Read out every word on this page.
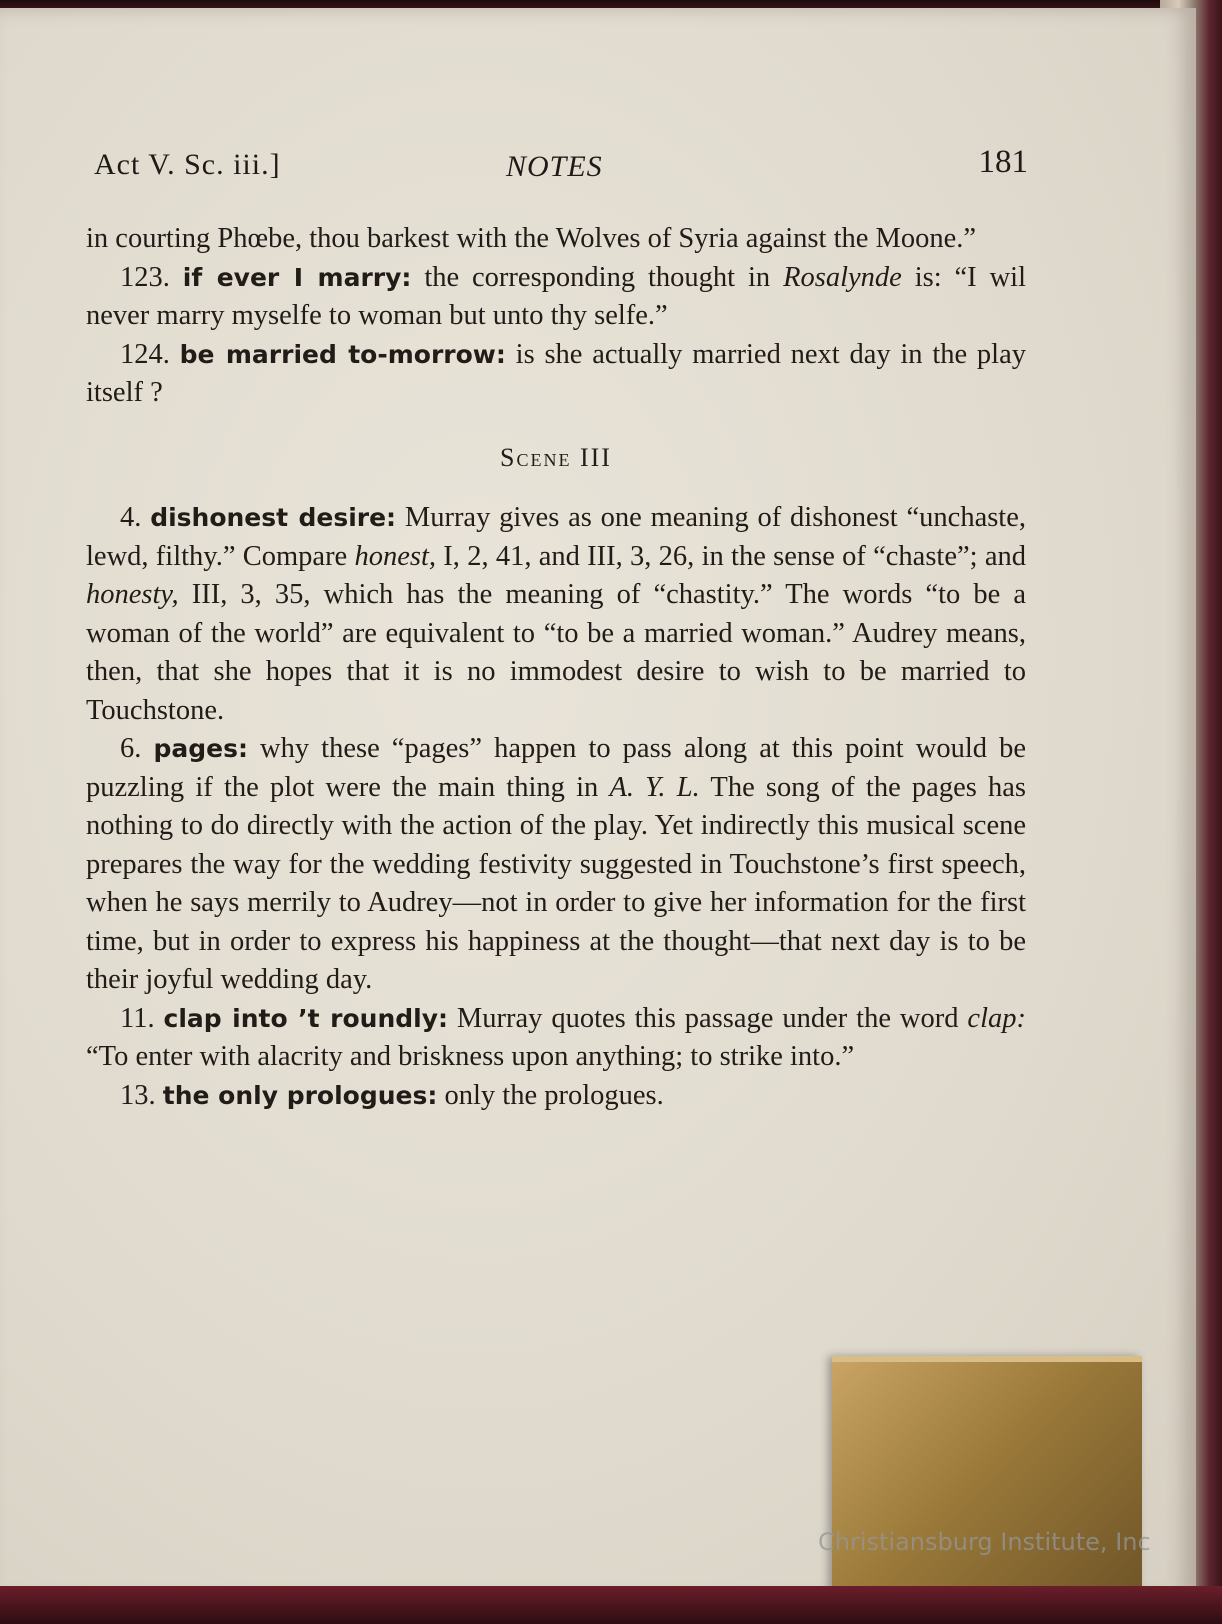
Act V. Sc. iii.]	NOTES	181

in courting Phœbe, thou barkest with the Wolves of Syria against the Moone.”

123. if ever I marry: the corresponding thought in Rosalynde is: “I wil never marry myselfe to woman but unto thy selfe.”

124. be married to-morrow: is she actually married next day in the play itself ?

Scene III

4. dishonest desire: Murray gives as one meaning of dishonest “unchaste, lewd, filthy.” Compare honest, I, 2, 41, and III, 3, 26, in the sense of “chaste”; and honesty, III, 3, 35, which has the meaning of “chastity.” The words “to be a woman of the world” are equivalent to “to be a married woman.” Audrey means, then, that she hopes that it is no immodest desire to wish to be married to Touchstone.

6. pages: why these “pages” happen to pass along at this point would be puzzling if the plot were the main thing in A. Y. L. The song of the pages has nothing to do directly with the action of the play. Yet indirectly this musical scene prepares the way for the wedding festivity suggested in Touchstone’s first speech, when he says merrily to Audrey—not in order to give her information for the first time, but in order to express his happiness at the thought—that next day is to be their joyful wedding day.

11. clap into ’t roundly: Murray quotes this passage under the word clap: “To enter with alacrity and briskness upon anything; to strike into.”

13. the only prologues: only the prologues.

Christiansburg Institute, Inc
